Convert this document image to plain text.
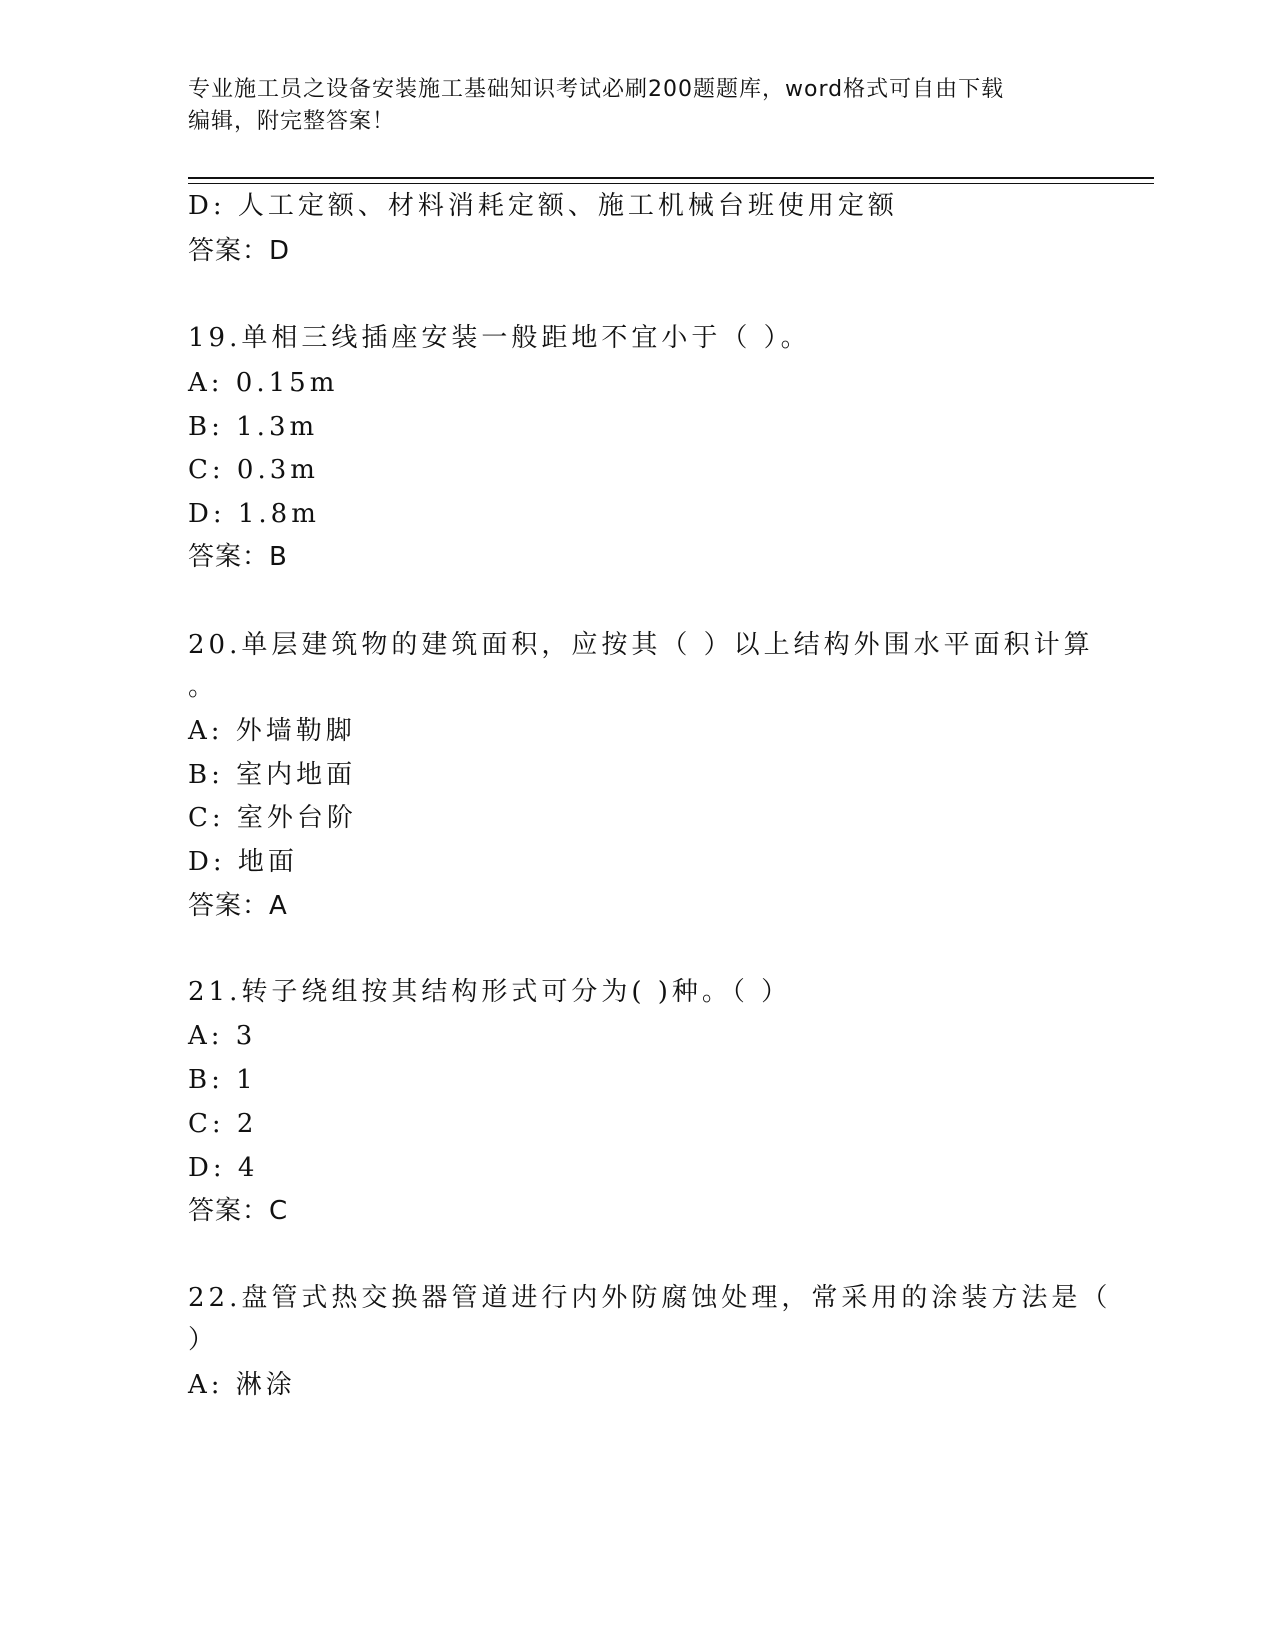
专业施工员之设备安装施工基础知识考试必刷200题题库，word格式可自由下载
编辑，附完整答案！
D: 人工定额、材料消耗定额、施工机械台班使用定额
答案：D
19.单相三线插座安装一般距地不宜小于（ ）。
A: 0.15m
B: 1.3m
C: 0.3m
D: 1.8m
答案：B
20.单层建筑物的建筑面积，应按其（ ）以上结构外围水平面积计算
。
A: 外墙勒脚
B: 室内地面
C: 室外台阶
D: 地面
答案：A
21.转子绕组按其结构形式可分为( )种。（ ）
A: 3
B: 1
C: 2
D: 4
答案：C
22.盘管式热交换器管道进行内外防腐蚀处理，常采用的涂装方法是（
）
A: 淋涂
